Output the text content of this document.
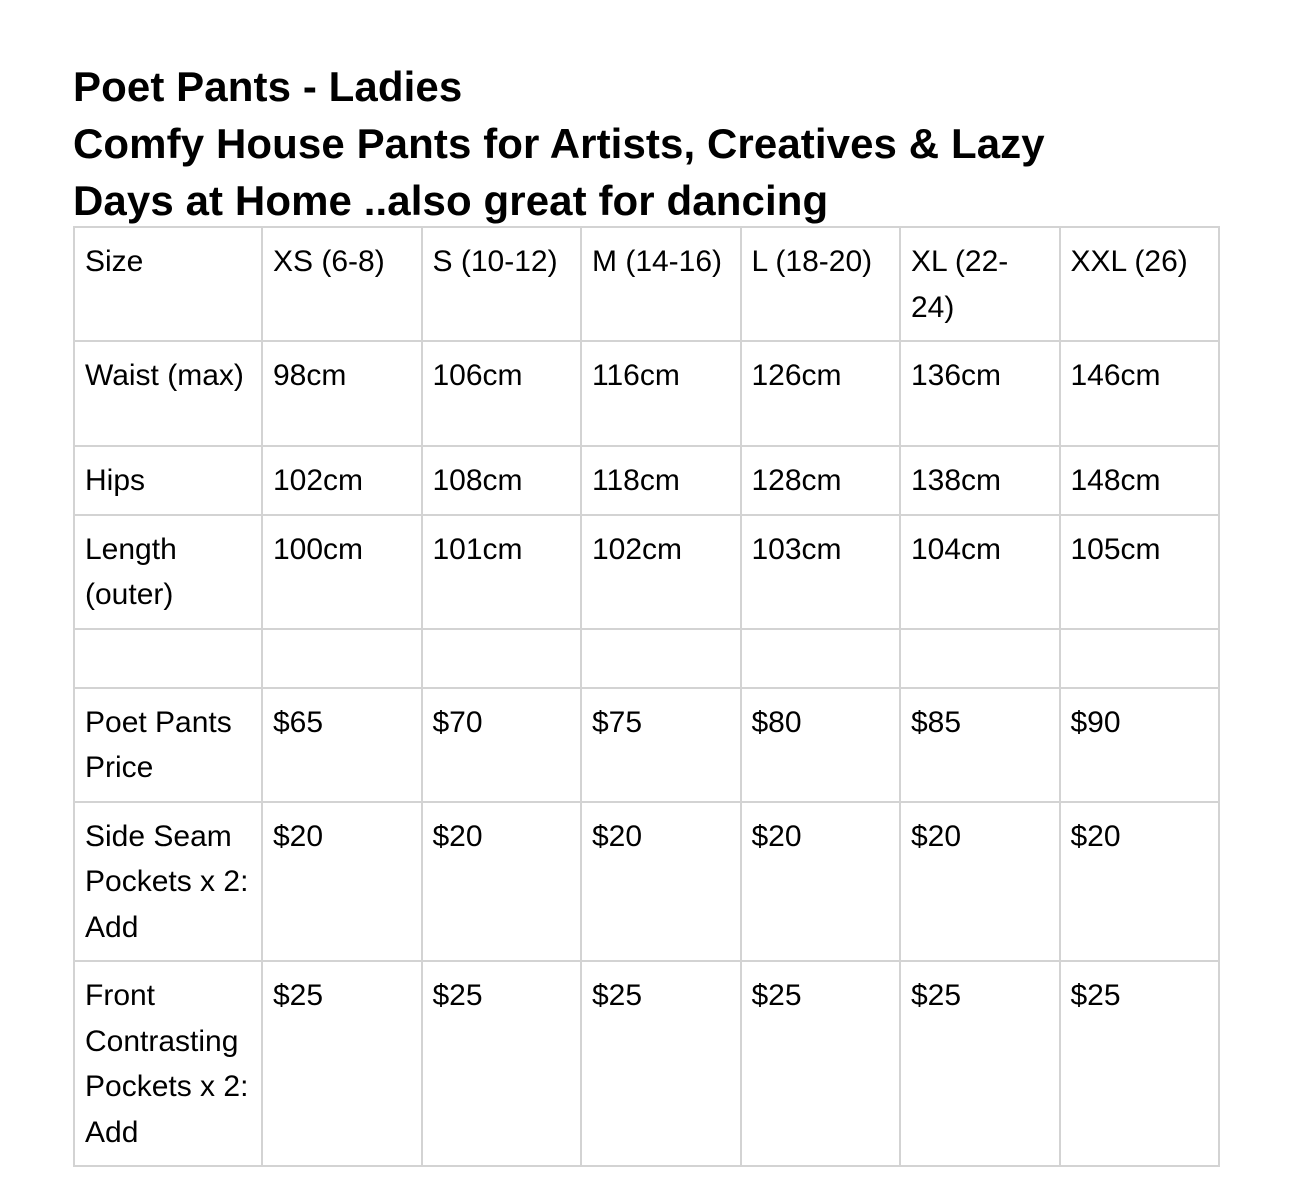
Poet Pants - Ladies
Comfy House Pants for Artists, Creatives & Lazy
Days at Home ..also great for dancing
Size	XS (6-8)	S (10-12)	M (14-16)	L (18-20)	XL (22-24)	XXL (26)
Waist (max)	98cm	106cm	116cm	126cm	136cm	146cm
Hips	102cm	108cm	118cm	128cm	138cm	148cm
Length (outer)	100cm	101cm	102cm	103cm	104cm	105cm

Poet Pants Price	$65	$70	$75	$80	$85	$90
Side Seam Pockets x 2: Add	$20	$20	$20	$20	$20	$20
Front Contrasting Pockets x 2: Add	$25	$25	$25	$25	$25	$25
